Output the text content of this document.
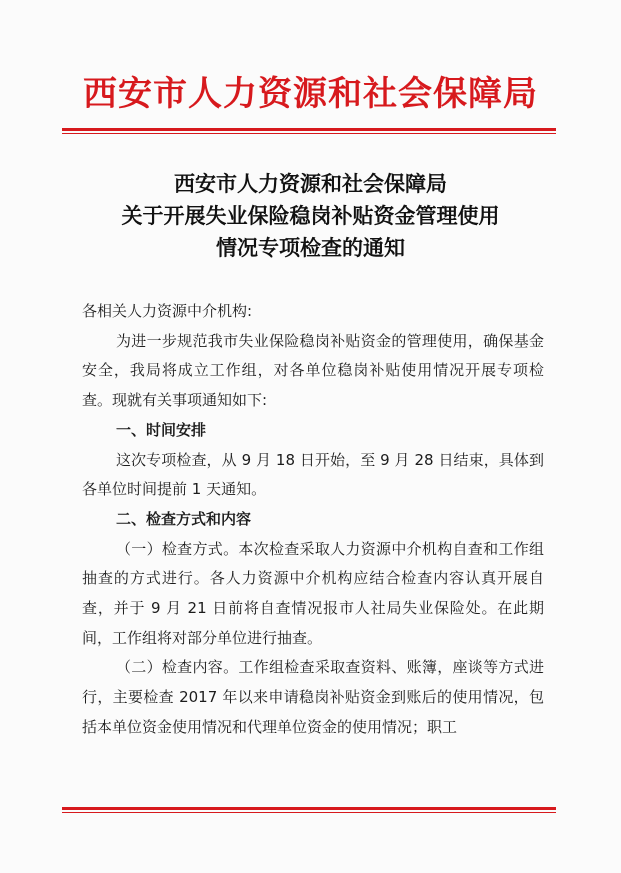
西安市人力资源和社会保障局
西安市人力资源和社会保障局
关于开展失业保险稳岗补贴资金管理使用
情况专项检查的通知

各相关人力资源中介机构:

为进一步规范我市失业保险稳岗补贴资金的管理使用，确保基金安全，我局将成立工作组，对各单位稳岗补贴使用情况开展专项检查。现就有关事项通知如下:

一、时间安排

这次专项检查，从 9 月 18 日开始，至 9 月 28 日结束，具体到各单位时间提前 1 天通知。

二、检查方式和内容

（一）检查方式。本次检查采取人力资源中介机构自查和工作组抽查的方式进行。各人力资源中介机构应结合检查内容认真开展自查，并于 9 月 21 日前将自查情况报市人社局失业保险处。在此期间，工作组将对部分单位进行抽查。

（二）检查内容。工作组检查采取查资料、账簿，座谈等方式进行，主要检查 2017 年以来申请稳岗补贴资金到账后的使用情况，包括本单位资金使用情况和代理单位资金的使用情况；职工
